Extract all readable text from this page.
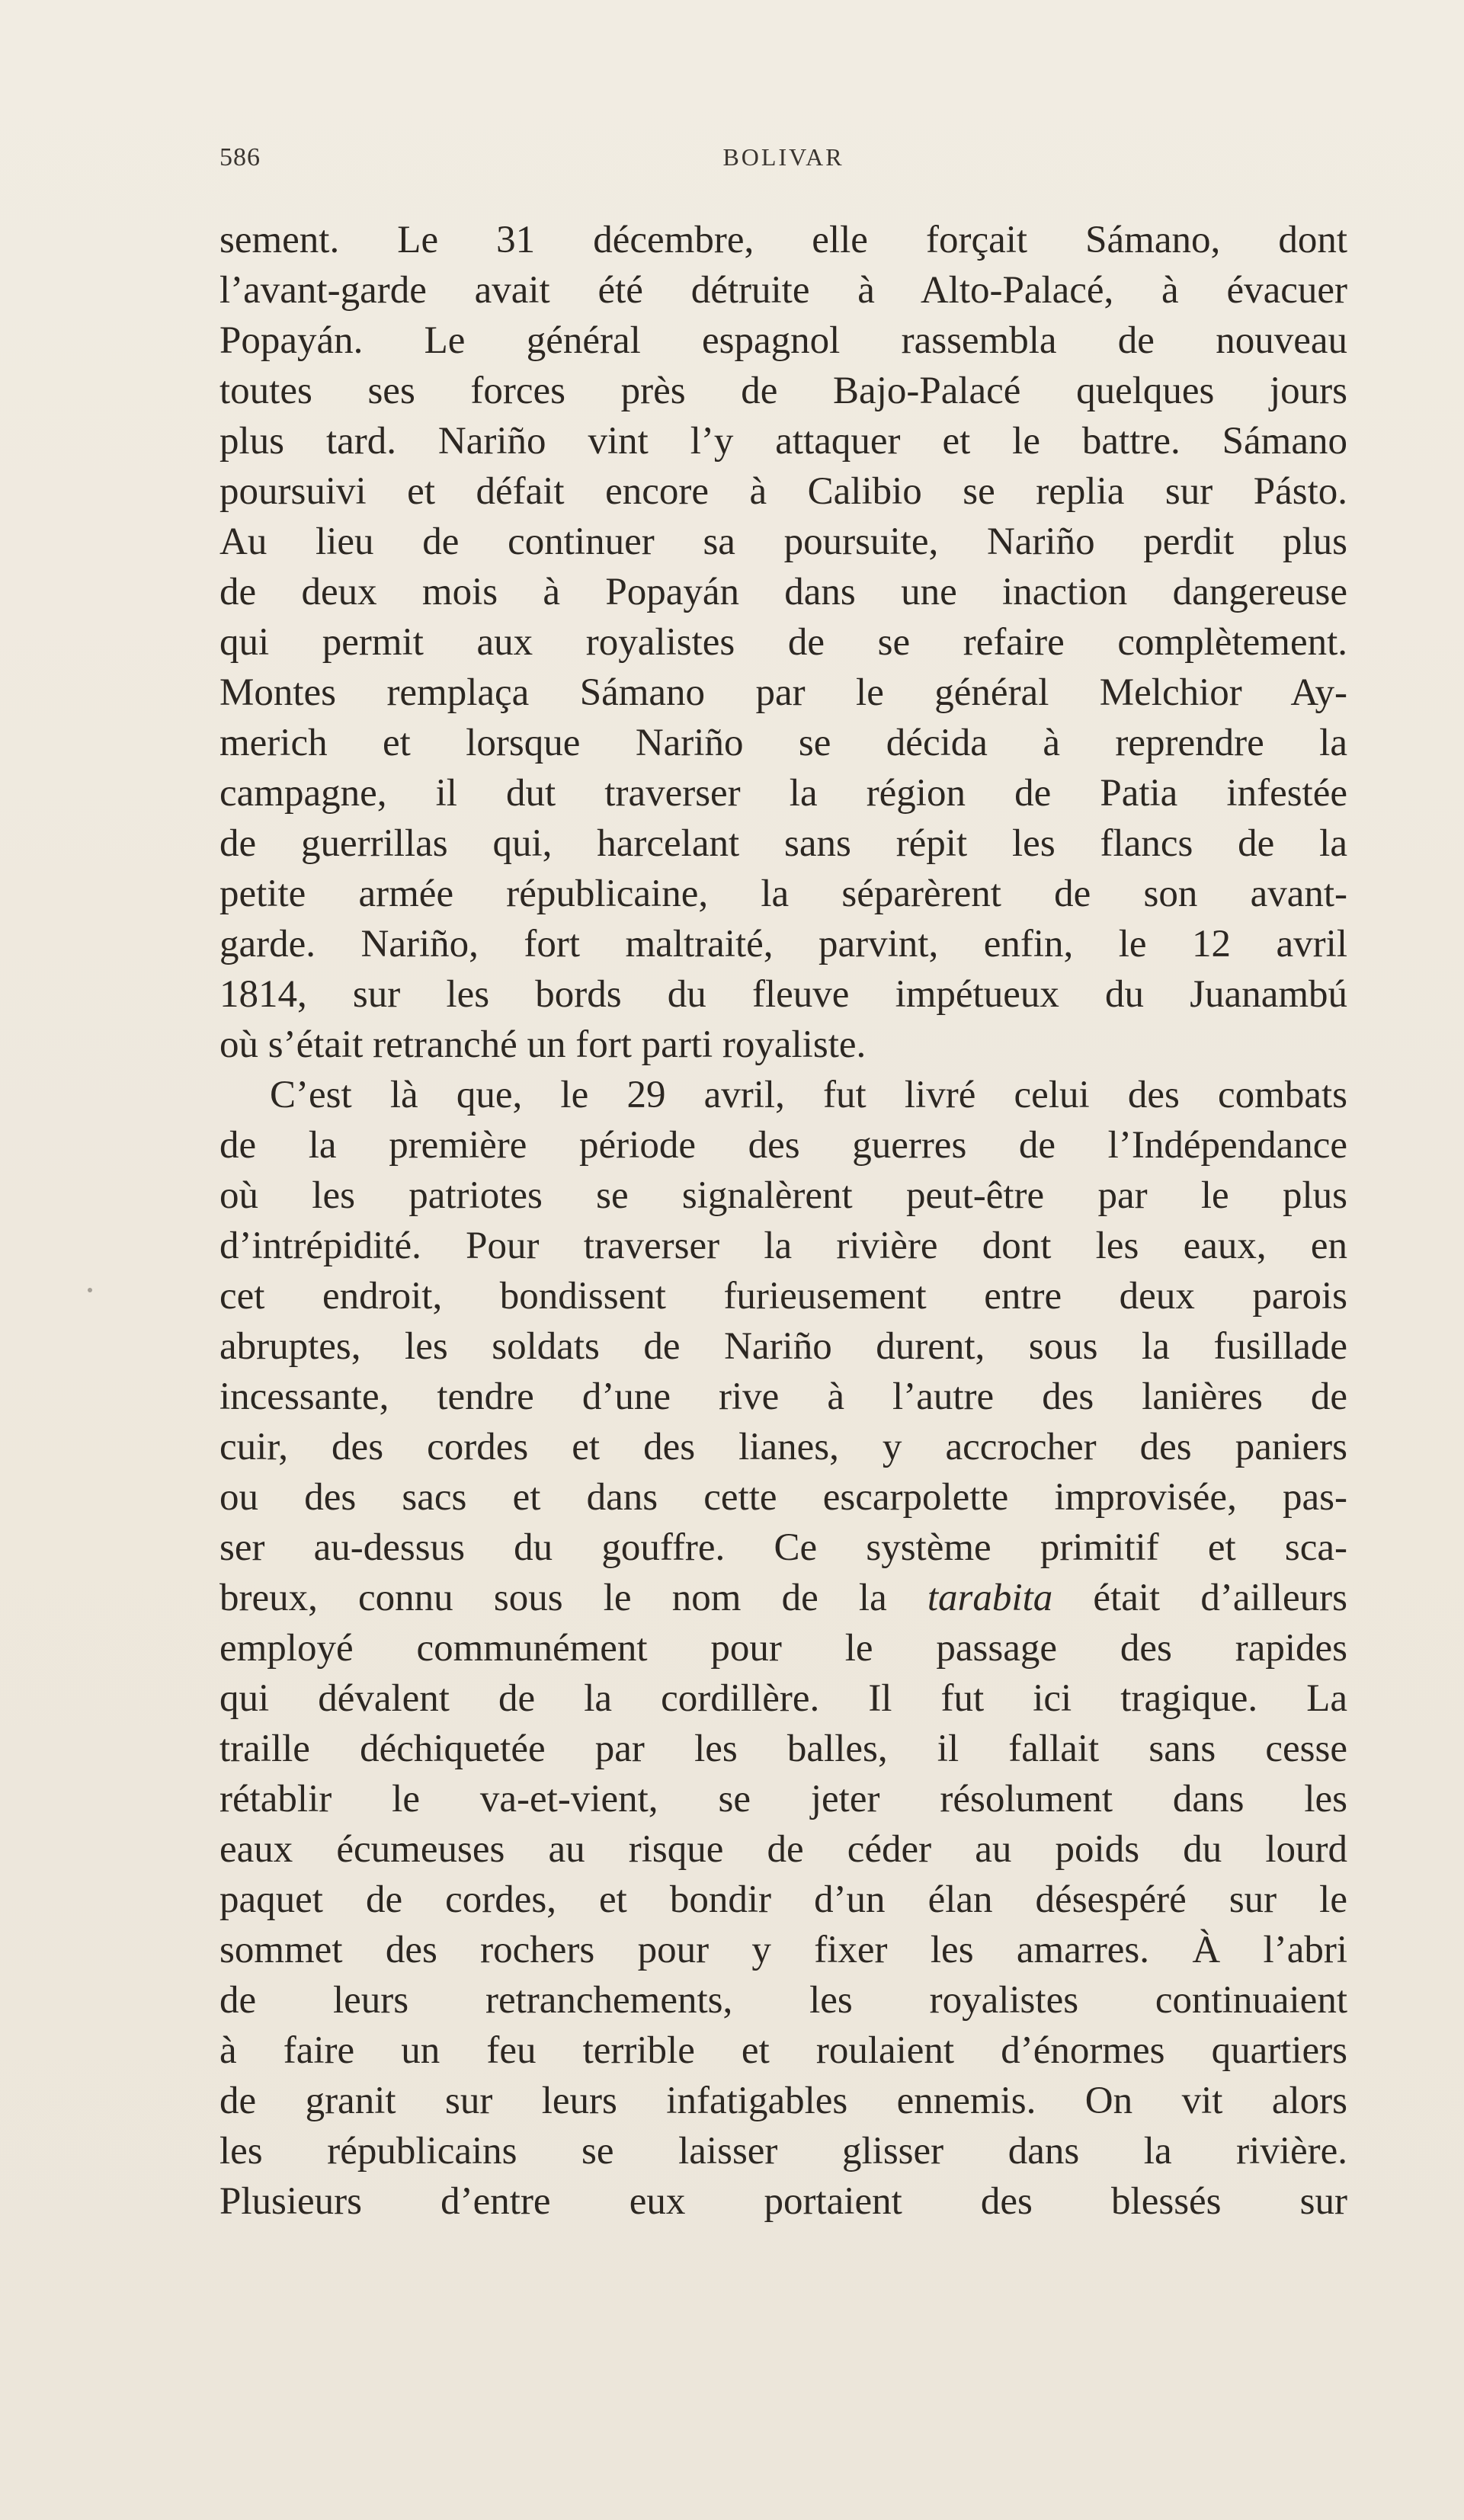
586	BOLIVAR
sement. Le 31 décembre, elle forçait Sámano, dont
l’avant-garde avait été détruite à Alto-Palacé, à évacuer
Popayán. Le général espagnol rassembla de nouveau
toutes ses forces près de Bajo-Palacé quelques jours
plus tard. Nariño vint l’y attaquer et le battre. Sámano
poursuivi et défait encore à Calibio se replia sur Pásto.
Au lieu de continuer sa poursuite, Nariño perdit plus
de deux mois à Popayán dans une inaction dangereuse
qui permit aux royalistes de se refaire complètement.
Montes remplaça Sámano par le général Melchior Ay-
merich et lorsque Nariño se décida à reprendre la
campagne, il dut traverser la région de Patia infestée
de guerrillas qui, harcelant sans répit les flancs de la
petite armée républicaine, la séparèrent de son avant-
garde. Nariño, fort maltraité, parvint, enfin, le 12 avril
1814, sur les bords du fleuve impétueux du Juanambú
où s’était retranché un fort parti royaliste.
C’est là que, le 29 avril, fut livré celui des combats
de la première période des guerres de l’Indépendance
où les patriotes se signalèrent peut-être par le plus
d’intrépidité. Pour traverser la rivière dont les eaux, en
cet endroit, bondissent furieusement entre deux parois
abruptes, les soldats de Nariño durent, sous la fusillade
incessante, tendre d’une rive à l’autre des lanières de
cuir, des cordes et des lianes, y accrocher des paniers
ou des sacs et dans cette escarpolette improvisée, pas-
ser au-dessus du gouffre. Ce système primitif et sca-
breux, connu sous le nom de la tarabita était d’ailleurs
employé communément pour le passage des rapides
qui dévalent de la cordillère. Il fut ici tragique. La
traille déchiquetée par les balles, il fallait sans cesse
rétablir le va-et-vient, se jeter résolument dans les
eaux écumeuses au risque de céder au poids du lourd
paquet de cordes, et bondir d’un élan désespéré sur le
sommet des rochers pour y fixer les amarres. À l’abri
de leurs retranchements, les royalistes continuaient
à faire un feu terrible et roulaient d’énormes quartiers
de granit sur leurs infatigables ennemis. On vit alors
les républicains se laisser glisser dans la rivière.
Plusieurs d’entre eux portaient des blessés sur
